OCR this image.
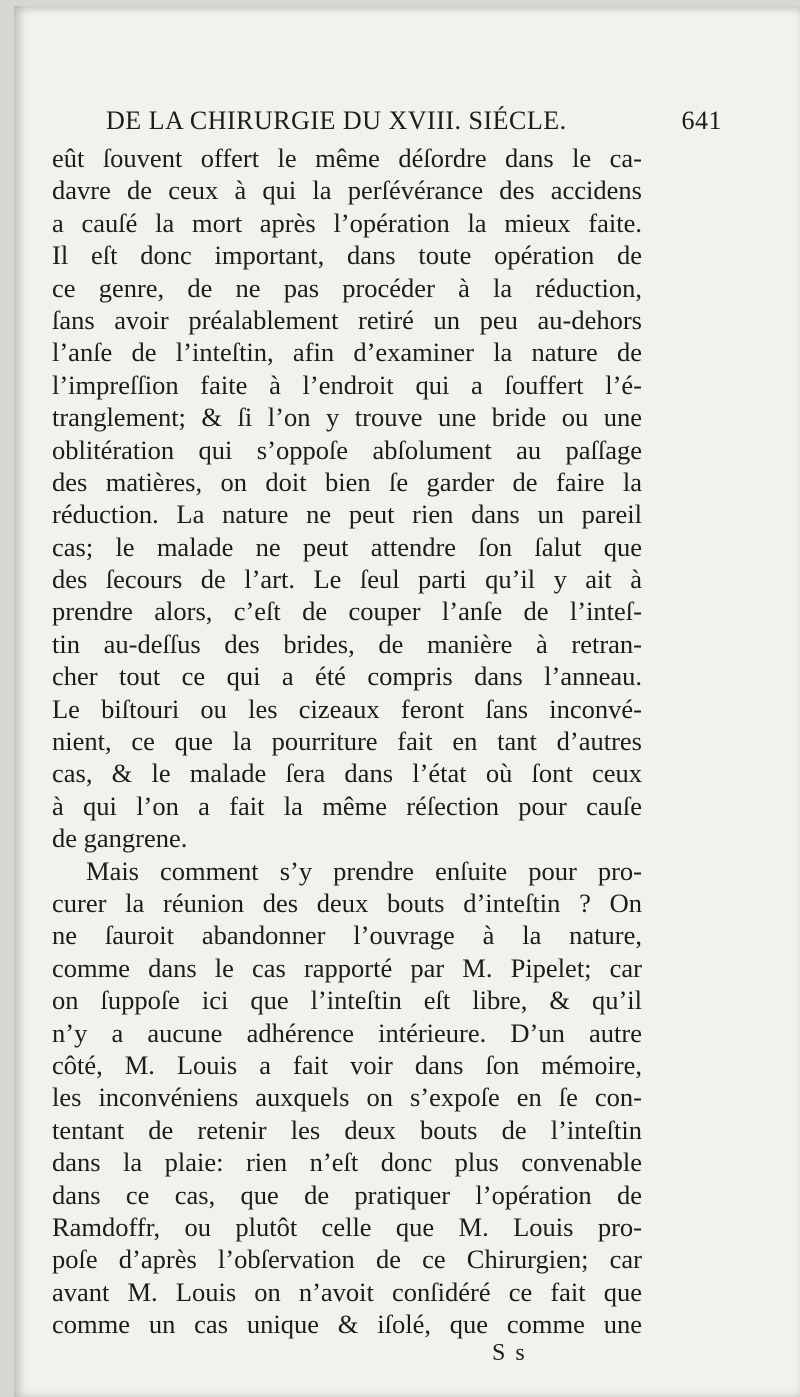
DE LA CHIRURGIE DU XVIII. SIÉCLE.	641
eût ſouvent offert le même déſordre dans le ca-
davre de ceux à qui la perſévérance des accidens
a cauſé la mort après l’opération la mieux faite.
Il eſt donc important, dans toute opération de
ce genre, de ne pas procéder à la réduction,
ſans avoir préalablement retiré un peu au-dehors
l’anſe de l’inteſtin, afin d’examiner la nature de
l’impreſſion faite à l’endroit qui a ſouffert l’é-
tranglement; & ſi l’on y trouve une bride ou une
oblitération qui s’oppoſe abſolument au paſſage
des matières, on doit bien ſe garder de faire la
réduction. La nature ne peut rien dans un pareil
cas; le malade ne peut attendre ſon ſalut que
des ſecours de l’art. Le ſeul parti qu’il y ait à
prendre alors, c’eſt de couper l’anſe de l’inteſ-
tin au-deſſus des brides, de manière à retran-
cher tout ce qui a été compris dans l’anneau.
Le biſtouri ou les cizeaux feront ſans inconvé-
nient, ce que la pourriture fait en tant d’autres
cas, & le malade ſera dans l’état où ſont ceux
à qui l’on a fait la même réſection pour cauſe
de gangrene.
Mais comment s’y prendre enſuite pour pro-
curer la réunion des deux bouts d’inteſtin ? On
ne ſauroit abandonner l’ouvrage à la nature,
comme dans le cas rapporté par M. Pipelet; car
on ſuppoſe ici que l’inteſtin eſt libre, & qu’il
n’y a aucune adhérence intérieure. D’un autre
côté, M. Louis a fait voir dans ſon mémoire,
les inconvéniens auxquels on s’expoſe en ſe con-
tentant de retenir les deux bouts de l’inteſtin
dans la plaie: rien n’eſt donc plus convenable
dans ce cas, que de pratiquer l’opération de
Ramdoffr, ou plutôt celle que M. Louis pro-
poſe d’après l’obſervation de ce Chirurgien; car
avant M. Louis on n’avoit conſidéré ce fait que
comme un cas unique & iſolé, que comme une
S s
